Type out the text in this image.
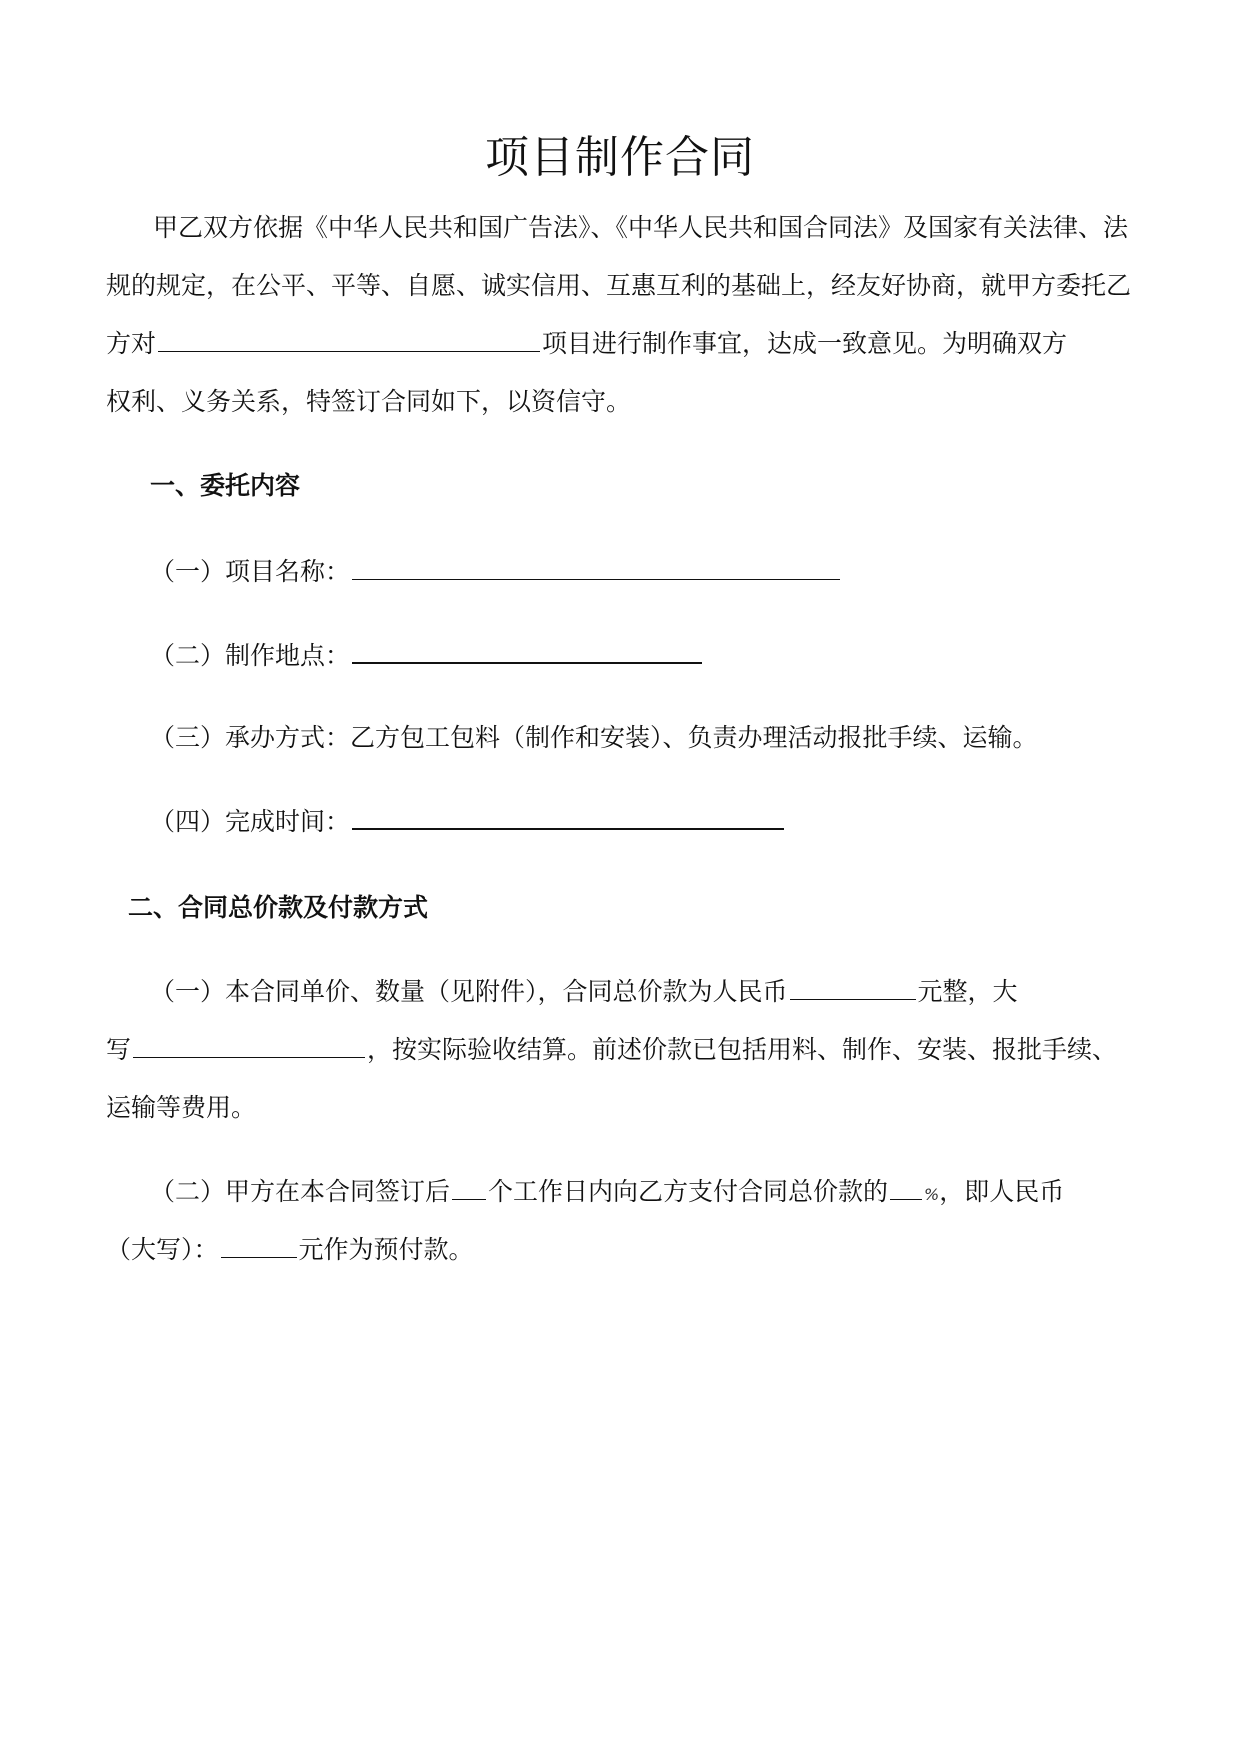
项目制作合同
甲乙双方依据《中华人民共和国广告法》、《中华人民共和国合同法》及国家有关法律、法
规的规定，在公平、平等、自愿、诚实信用、互惠互利的基础上，经友好协商，就甲方委托乙
方对	项目进行制作事宜，达成一致意见。为明确双方
权利、义务关系，特签订合同如下，以资信守。
一、委托内容
（一）项目名称：
（二）制作地点：
（三）承办方式：乙方包工包料（制作和安装）、负责办理活动报批手续、运输。
（四）完成时间：
二、合同总价款及付款方式
（一）本合同单价、数量（见附件），合同总价款为人民币	元整，大
写	，按实际验收结算。前述价款已包括用料、制作、安装、报批手续、
运输等费用。
（二）甲方在本合同签订后 个工作日内向乙方支付合同总价款的 %，即人民币
（大写）：	元作为预付款。
